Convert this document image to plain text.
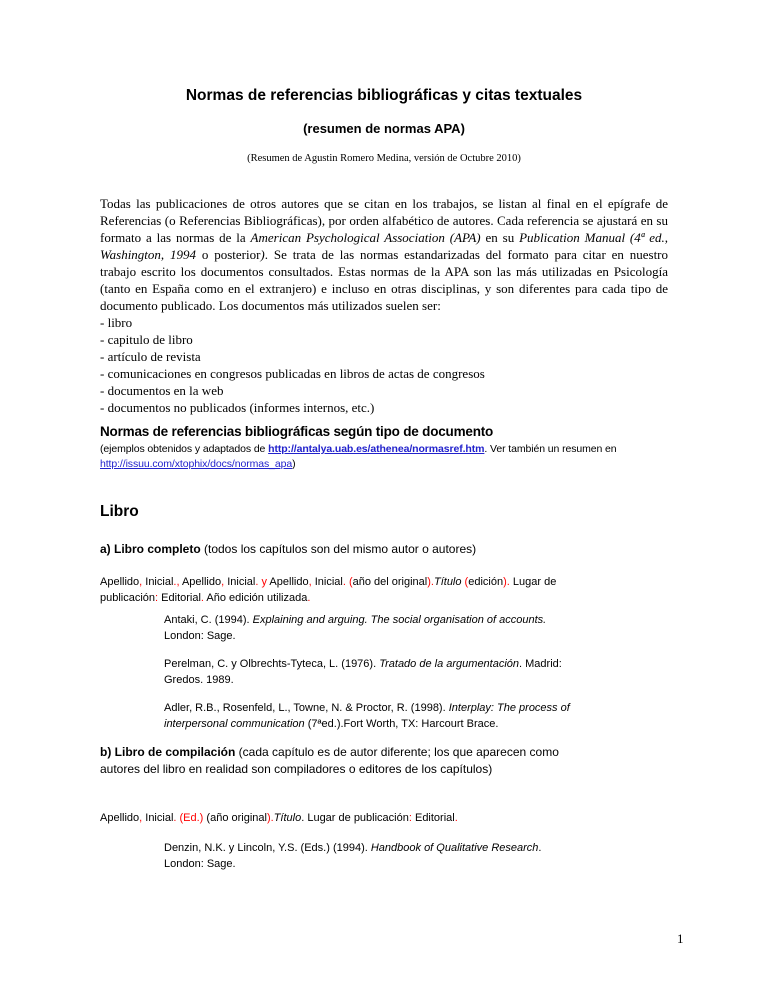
Normas de referencias bibliográficas y citas textuales
(resumen de normas APA)
(Resumen de Agustin Romero Medina, versión de Octubre 2010)
Todas las publicaciones de otros autores que se citan en los trabajos, se listan al final en el epígrafe de Referencias (o Referencias Bibliográficas), por orden alfabético de autores. Cada referencia se ajustará en su formato a las normas de la American Psychological Association (APA) en su Publication Manual (4ª ed., Washington, 1994 o posterior). Se trata de las normas estandarizadas del formato para citar en nuestro trabajo escrito los documentos consultados. Estas normas de la APA son las más utilizadas en Psicología (tanto en España como en el extranjero) e incluso en otras disciplinas, y son diferentes para cada tipo de documento publicado. Los documentos más utilizados suelen ser:
- libro
- capitulo de libro
- artículo de revista
- comunicaciones en congresos publicadas en libros de actas de congresos
- documentos en la web
- documentos no publicados (informes internos, etc.)
Normas de referencias bibliográficas según tipo de documento
(ejemplos obtenidos y adaptados de http://antalya.uab.es/athenea/normasref.htm. Ver también un resumen en
http://issuu.com/xtophix/docs/normas_apa)
Libro
a) Libro completo (todos los capítulos son del mismo autor o autores)
Apellido, Inicial., Apellido, Inicial. y Apellido, Inicial. (año del original).Título (edición). Lugar de
publicación: Editorial. Año edición utilizada.
Antaki, C. (1994). Explaining and arguing. The social organisation of accounts.
London: Sage.
Perelman, C. y Olbrechts-Tyteca, L. (1976). Tratado de la argumentación. Madrid:
Gredos. 1989.
Adler, R.B., Rosenfeld, L., Towne, N. & Proctor, R. (1998). Interplay: The process of
interpersonal communication (7ªed.).Fort Worth, TX: Harcourt Brace.
b) Libro de compilación (cada capítulo es de autor diferente; los que aparecen como
autores del libro en realidad son compiladores o editores de los capítulos)
Apellido, Inicial. (Ed.) (año original).Título. Lugar de publicación: Editorial.
Denzin, N.K. y Lincoln, Y.S. (Eds.) (1994). Handbook of Qualitative Research.
London: Sage.
1
